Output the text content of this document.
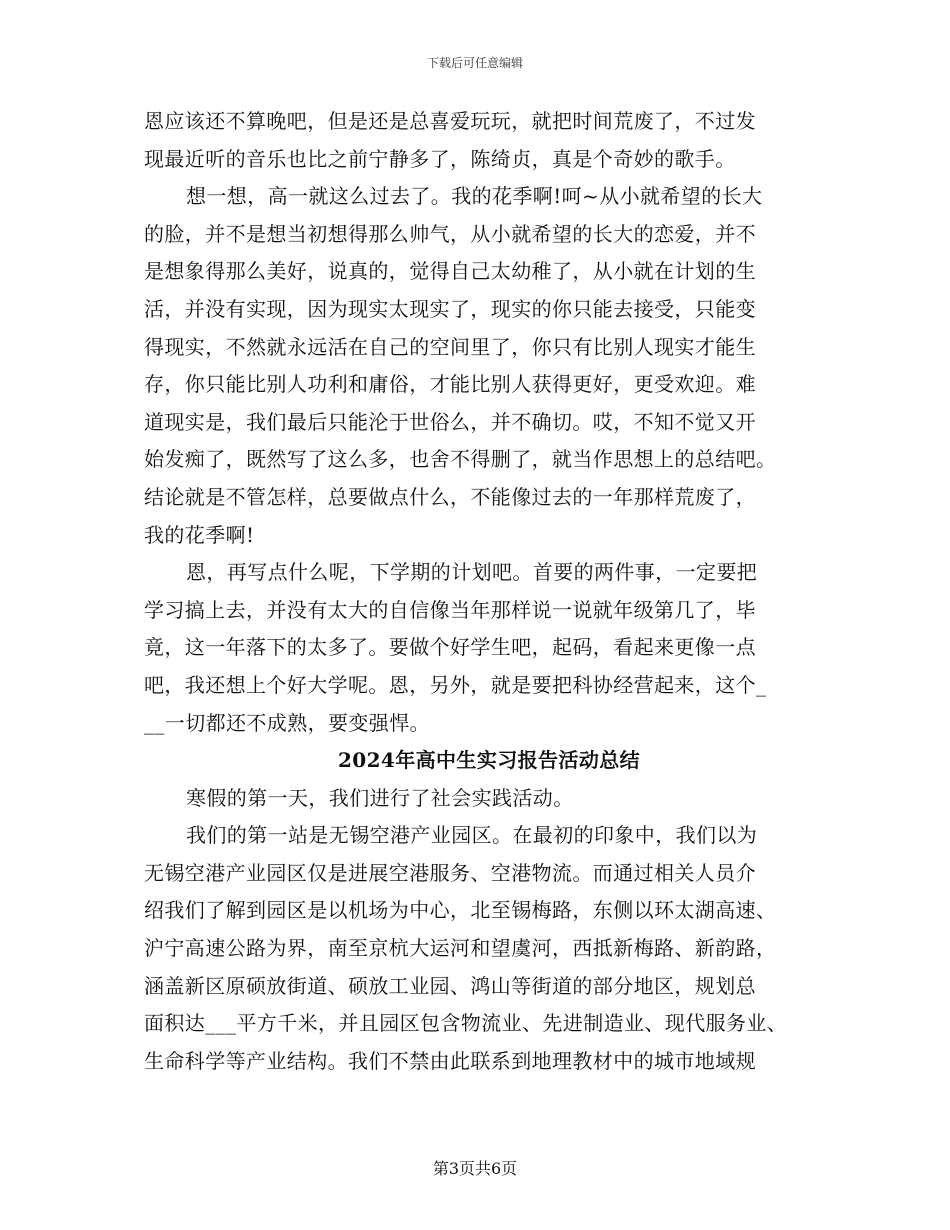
下载后可任意编辑
恩应该还不算晚吧，但是还是总喜爱玩玩，就把时间荒废了，不过发
现最近听的音乐也比之前宁静多了，陈绮贞，真是个奇妙的歌手。
想一想，高一就这么过去了。我的花季啊!呵~从小就希望的长大
的脸，并不是想当初想得那么帅气，从小就希望的长大的恋爱，并不
是想象得那么美好，说真的，觉得自己太幼稚了，从小就在计划的生
活，并没有实现，因为现实太现实了，现实的你只能去接受，只能变
得现实，不然就永远活在自己的空间里了，你只有比别人现实才能生
存，你只能比别人功利和庸俗，才能比别人获得更好，更受欢迎。难
道现实是，我们最后只能沦于世俗么，并不确切。哎，不知不觉又开
始发痴了，既然写了这么多，也舍不得删了，就当作思想上的总结吧。
结论就是不管怎样，总要做点什么，不能像过去的一年那样荒废了，
我的花季啊!
恩，再写点什么呢，下学期的计划吧。首要的两件事，一定要把
学习搞上去，并没有太大的自信像当年那样说一说就年级第几了，毕
竟，这一年落下的太多了。要做个好学生吧，起码，看起来更像一点
吧，我还想上个好大学呢。恩，另外，就是要把科协经营起来，这个_
__一切都还不成熟，要变强悍。
2024年高中生实习报告活动总结
寒假的第一天，我们进行了社会实践活动。
我们的第一站是无锡空港产业园区。在最初的印象中，我们以为
无锡空港产业园区仅是进展空港服务、空港物流。而通过相关人员介
绍我们了解到园区是以机场为中心，北至锡梅路，东侧以环太湖高速、
沪宁高速公路为界，南至京杭大运河和望虞河，西抵新梅路、新韵路，
涵盖新区原硕放街道、硕放工业园、鸿山等街道的部分地区，规划总
面积达___平方千米，并且园区包含物流业、先进制造业、现代服务业、
生命科学等产业结构。我们不禁由此联系到地理教材中的城市地域规
第3页共6页
